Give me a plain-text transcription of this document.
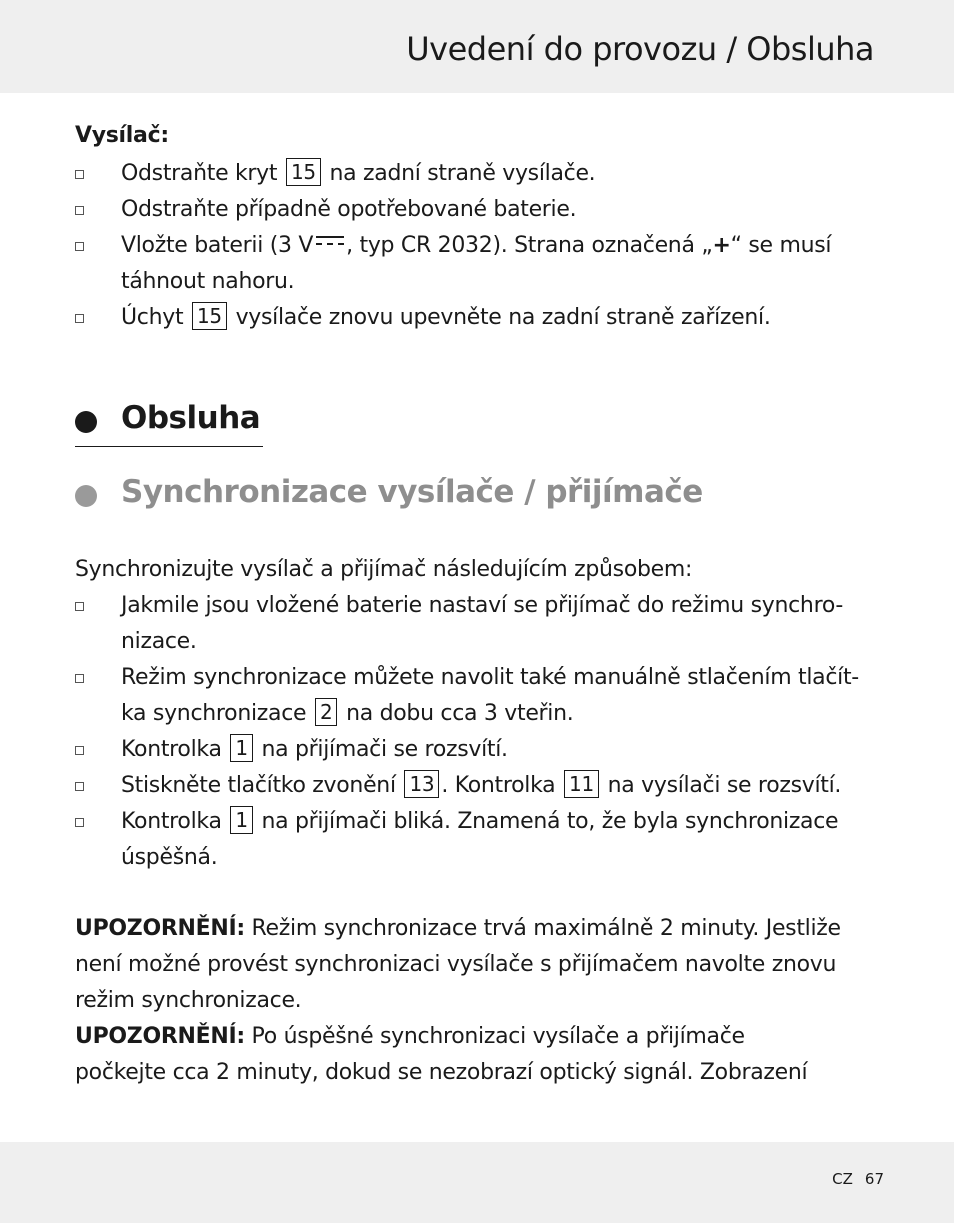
Uvedení do provozu / Obsluha
Vysílač:
Odstraňte kryt 15 na zadní straně vysílače.
Odstraňte případně opotřebované baterie.
Vložte baterii (3 V , typ CR 2032). Strana označená „+“ se musí
táhnout nahoru.
Úchyt 15 vysílače znovu upevněte na zadní straně zařízení.
Obsluha
Synchronizace vysílače / přijímače
Synchronizujte vysílač a přijímač následujícím způsobem:
Jakmile jsou vložené baterie nastaví se přijímač do režimu synchro-
nizace.
Režim synchronizace můžete navolit také manuálně stlačením tlačít-
ka synchronizace 2 na dobu cca 3 vteřin.
Kontrolka 1 na přijímači se rozsvítí.
Stiskněte tlačítko zvonění 13 . Kontrolka 11 na vysílači se rozsvítí.
Kontrolka 1 na přijímači bliká. Znamená to, že byla synchronizace
úspěšná.
UPOZORNĚNÍ: Režim synchronizace trvá maximálně 2 minuty. Jestliže
není možné provést synchronizaci vysílače s přijímačem navolte znovu
režim synchronizace.
UPOZORNĚNÍ: Po úspěšné synchronizaci vysílače a přijímače
počkejte cca 2 minuty, dokud se nezobrazí optický signál. Zobrazení
CZ 67
